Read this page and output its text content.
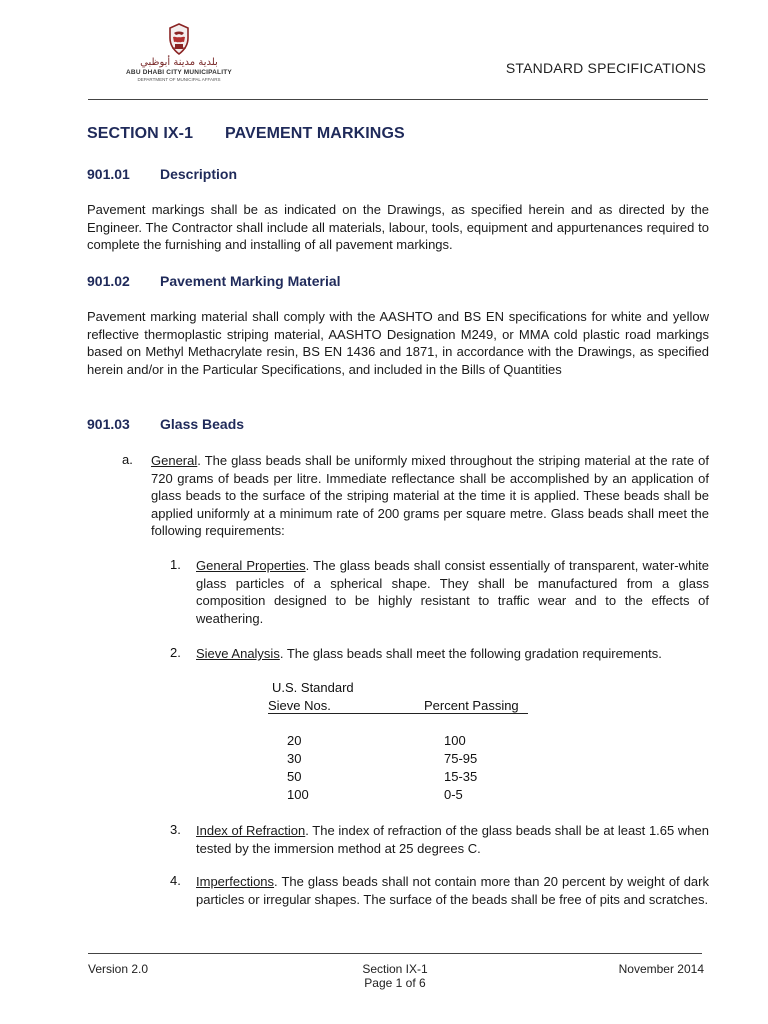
بلدية مدينة أبوظبي
ABU DHABI CITY MUNICIPALITY
DEPARTMENT OF MUNICIPAL AFFAIRS
STANDARD SPECIFICATIONS
SECTION IX-1 PAVEMENT MARKINGS
901.01 Description
Pavement markings shall be as indicated on the Drawings, as specified herein and as directed by the Engineer. The Contractor shall include all materials, labour, tools, equipment and appurtenances required to complete the furnishing and installing of all pavement markings.
901.02 Pavement Marking Material
Pavement marking material shall comply with the AASHTO and BS EN specifications for white and yellow reflective thermoplastic striping material, AASHTO Designation M249, or MMA cold plastic road markings based on Methyl Methacrylate resin, BS EN 1436 and 1871, in accordance with the Drawings, as specified herein and/or in the Particular Specifications, and included in the Bills of Quantities
901.03 Glass Beads
a. General. The glass beads shall be uniformly mixed throughout the striping material at the rate of 720 grams of beads per litre. Immediate reflectance shall be accomplished by an application of glass beads to the surface of the striping material at the time it is applied. These beads shall be applied uniformly at a minimum rate of 200 grams per square metre. Glass beads shall meet the following requirements:
1. General Properties. The glass beads shall consist essentially of transparent, water-white glass particles of a spherical shape. They shall be manufactured from a glass composition designed to be highly resistant to traffic wear and to the effects of weathering.
2. Sieve Analysis. The glass beads shall meet the following gradation requirements.
U.S. Standard
Sieve Nos.	Percent Passing
20	100
30	75-95
50	15-35
100	0-5
3. Index of Refraction. The index of refraction of the glass beads shall be at least 1.65 when tested by the immersion method at 25 degrees C.
4. Imperfections. The glass beads shall not contain more than 20 percent by weight of dark particles or irregular shapes. The surface of the beads shall be free of pits and scratches.
Version 2.0	Section IX-1
Page 1 of 6
November 2014
